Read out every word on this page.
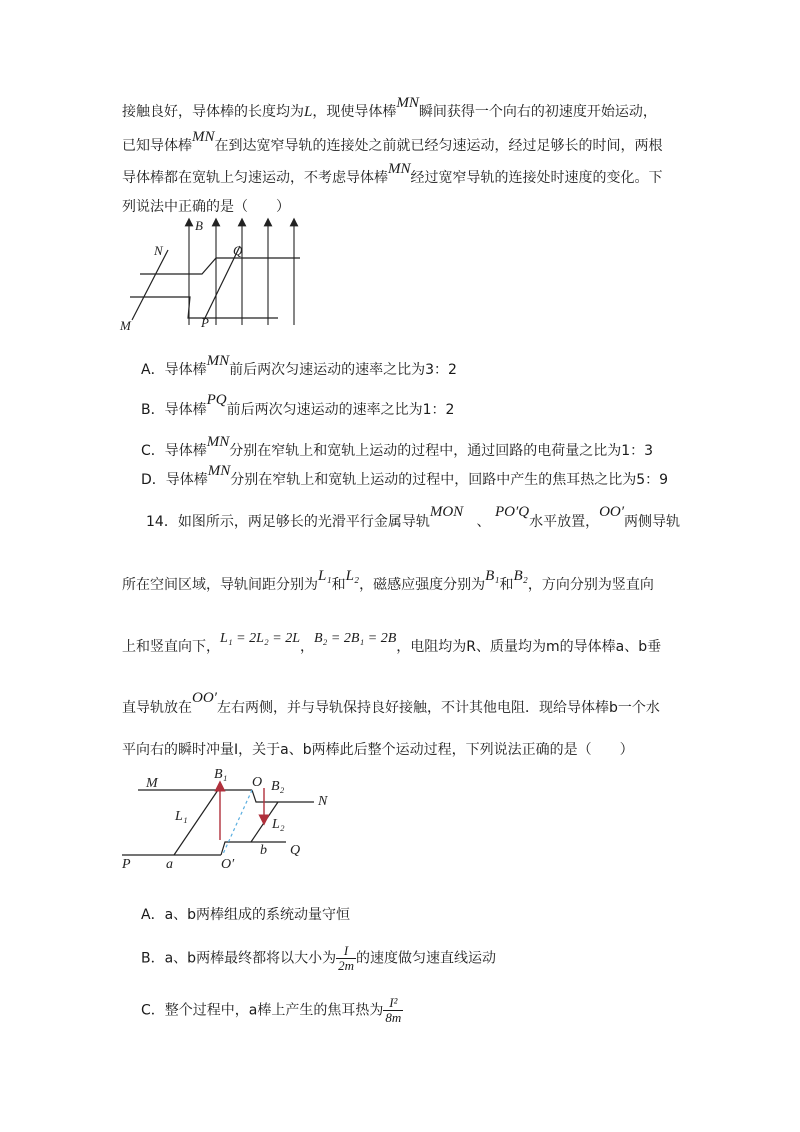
接触良好，导体棒的长度均为L，现使导体棒MN瞬间获得一个向右的初速度开始运动，
已知导体棒MN在到达宽窄导轨的连接处之前就已经匀速运动，经过足够长的时间，两根
导体棒都在宽轨上匀速运动，不考虑导体棒MN经过宽窄导轨的连接处时速度的变化。下
列说法中正确的是（　　）
N
B
Q
M	P
A．导体棒MN前后两次匀速运动的速率之比为3：2
B．导体棒PQ前后两次匀速运动的速率之比为1：2
C．导体棒MN分别在窄轨上和宽轨上运动的过程中，通过回路的电荷量之比为1：3
D．导体棒MN分别在窄轨上和宽轨上运动的过程中，回路中产生的焦耳热之比为5：9
14．如图所示，两足够长的光滑平行金属导轨MON   、 PO′Q水平放置，OO′两侧导轨
所在空间区域，导轨间距分别为L₁和L₂，磁感应强度分别为B₁和B₂，方向分别为竖直向
上和竖直向下，L₁ = 2L₂ = 2L，B₂ = 2B₁ = 2B，电阻均为R、质量均为m的导体棒a、b垂
直导轨放在OO′左右两侧，并与导轨保持良好接触，不计其他电阻．现给导体棒b一个水
平向右的瞬时冲量I，关于a、b两棒此后整个运动过程，下列说法正确的是（　　）
M
B₁
O B₂
N
L₁
L₂
P	a	O′
b Q
A．a、b两棒组成的系统动量守恒
B．a、b两棒最终都将以大小为 $\frac{I}{2m}$ 的速度做匀速直线运动
C．整个过程中，a棒上产生的焦耳热为 $\frac{\text{I²}}{8m}$
